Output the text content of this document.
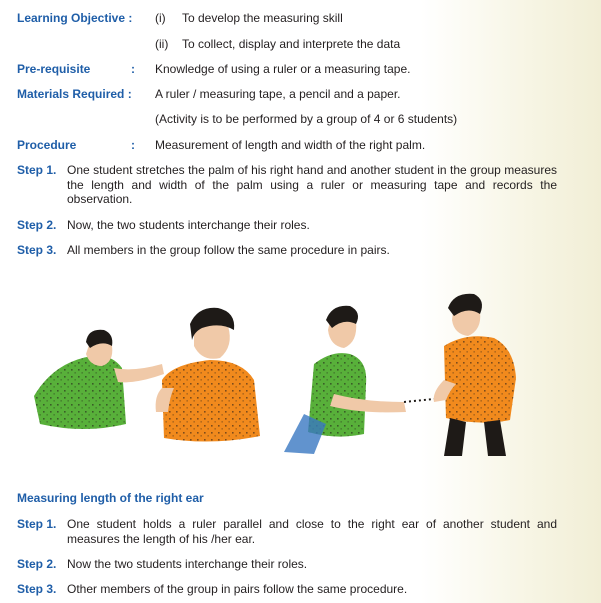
Learning Objective : (i) To develop the measuring skill
(ii) To collect, display and interprete the data
Pre-requisite	: Knowledge of using a ruler or a measuring tape.
Materials Required : A ruler / measuring tape, a pencil and a paper.
(Activity is to be performed by a group of 4 or 6 students)
Procedure	: Measurement of length and width of the right palm.
Step 1. One student stretches the palm of his right hand and another student in the group measures the length and width of the palm using a ruler or measuring tape and records the observation.
Step 2. Now, the two students interchange their roles.
Step 3. All members in the group follow the same procedure in pairs.
Measuring length of the right ear
Step 1. One student holds a ruler parallel and close to the right ear of another student and measures the length of his /her ear.
Step 2. Now the two students interchange their roles.
Step 3. Other members of the group in pairs follow the same procedure.
